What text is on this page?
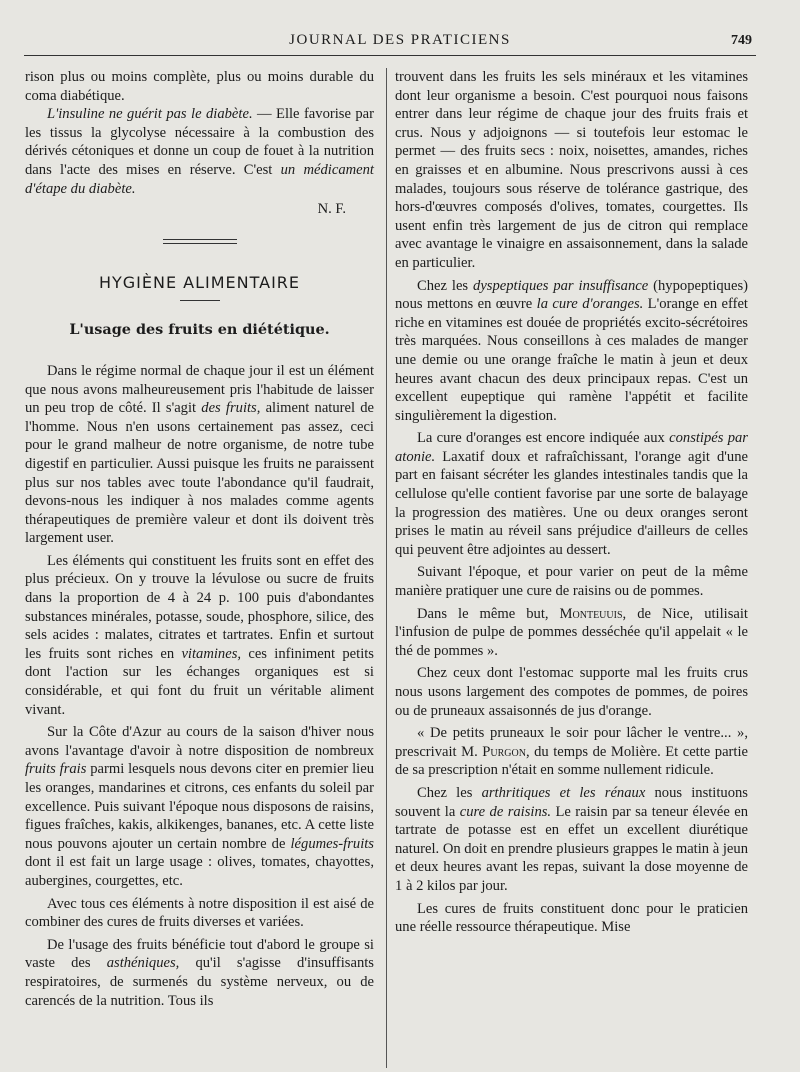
JOURNAL DES PRATICIENS	749

rison plus ou moins complète, plus ou moins durable du coma diabétique.

L'insuline ne guérit pas le diabète. — Elle favorise par les tissus la glycolyse nécessaire à la combustion des dérivés cétoniques et donne un coup de fouet à la nutrition dans l'acte des mises en réserve. C'est un médicament d'étape du diabète.

N. F.
HYGIÈNE ALIMENTAIRE
L'usage des fruits en diététique.

Dans le régime normal de chaque jour il est un élément que nous avons malheureusement pris l'habitude de laisser un peu trop de côté. Il s'agit des fruits, aliment naturel de l'homme. Nous n'en usons certainement pas assez, ceci pour le grand malheur de notre organisme, de notre tube digestif en particulier. Aussi puisque les fruits ne paraissent plus sur nos tables avec toute l'abondance qu'il faudrait, devons-nous les indiquer à nos malades comme agents thérapeutiques de première valeur et dont ils doivent très largement user.

Les éléments qui constituent les fruits sont en effet des plus précieux. On y trouve la lévulose ou sucre de fruits dans la proportion de 4 à 24 p. 100 puis d'abondantes substances minérales, potasse, soude, phosphore, silice, des sels acides : malates, citrates et tartrates. Enfin et surtout les fruits sont riches en vitamines, ces infiniment petits dont l'action sur les échanges organiques est si considérable, et qui font du fruit un véritable aliment vivant.

Sur la Côte d'Azur au cours de la saison d'hiver nous avons l'avantage d'avoir à notre disposition de nombreux fruits frais parmi lesquels nous devons citer en premier lieu les oranges, mandarines et citrons, ces enfants du soleil par excellence. Puis suivant l'époque nous disposons de raisins, figues fraîches, kakis, alkikenges, bananes, etc. A cette liste nous pouvons ajouter un certain nombre de légumes-fruits dont il est fait un large usage : olives, tomates, chayottes, aubergines, courgettes, etc.

Avec tous ces éléments à notre disposition il est aisé de combiner des cures de fruits diverses et variées.

De l'usage des fruits bénéficie tout d'abord le groupe si vaste des asthéniques, qu'il s'agisse d'insuffisants respiratoires, de surmenés du système nerveux, ou de carencés de la nutrition. Tous ils

trouvent dans les fruits les sels minéraux et les vitamines dont leur organisme a besoin. C'est pourquoi nous faisons entrer dans leur régime de chaque jour des fruits frais et crus. Nous y adjoignons — si toutefois leur estomac le permet — des fruits secs : noix, noisettes, amandes, riches en graisses et en albumine. Nous prescrivons aussi à ces malades, toujours sous réserve de tolérance gastrique, des hors-d'œuvres composés d'olives, tomates, courgettes. Ils usent enfin très largement de jus de citron qui remplace avec avantage le vinaigre en assaisonnement, dans la salade en particulier.

Chez les dyspeptiques par insuffisance (hypopeptiques) nous mettons en œuvre la cure d'oranges. L'orange en effet riche en vitamines est douée de propriétés excito-sécrétoires très marquées. Nous conseillons à ces malades de manger une demie ou une orange fraîche le matin à jeun et deux heures avant chacun des deux principaux repas. C'est un excellent eupeptique qui ramène l'appétit et facilite singulièrement la digestion.

La cure d'oranges est encore indiquée aux constipés par atonie. Laxatif doux et rafraîchissant, l'orange agit d'une part en faisant sécréter les glandes intestinales tandis que la cellulose qu'elle contient favorise par une sorte de balayage la progression des matières. Une ou deux oranges seront prises le matin au réveil sans préjudice d'ailleurs de celles qui peuvent être adjointes au dessert.

Suivant l'époque, et pour varier on peut de la même manière pratiquer une cure de raisins ou de pommes.

Dans le même but, Monteuuis, de Nice, utilisait l'infusion de pulpe de pommes desséchée qu'il appelait « le thé de pommes ».

Chez ceux dont l'estomac supporte mal les fruits crus nous usons largement des compotes de pommes, de poires ou de pruneaux assaisonnés de jus d'orange.

« De petits pruneaux le soir pour lâcher le ventre... », prescrivait M. Purgon, du temps de Molière. Et cette partie de sa prescription n'était en somme nullement ridicule.

Chez les arthritiques et les rénaux nous instituons souvent la cure de raisins. Le raisin par sa teneur élevée en tartrate de potasse est en effet un excellent diurétique naturel. On doit en prendre plusieurs grappes le matin à jeun et deux heures avant les repas, suivant la dose moyenne de 1 à 2 kilos par jour.

Les cures de fruits constituent donc pour le praticien une réelle ressource thérapeutique. Mise
